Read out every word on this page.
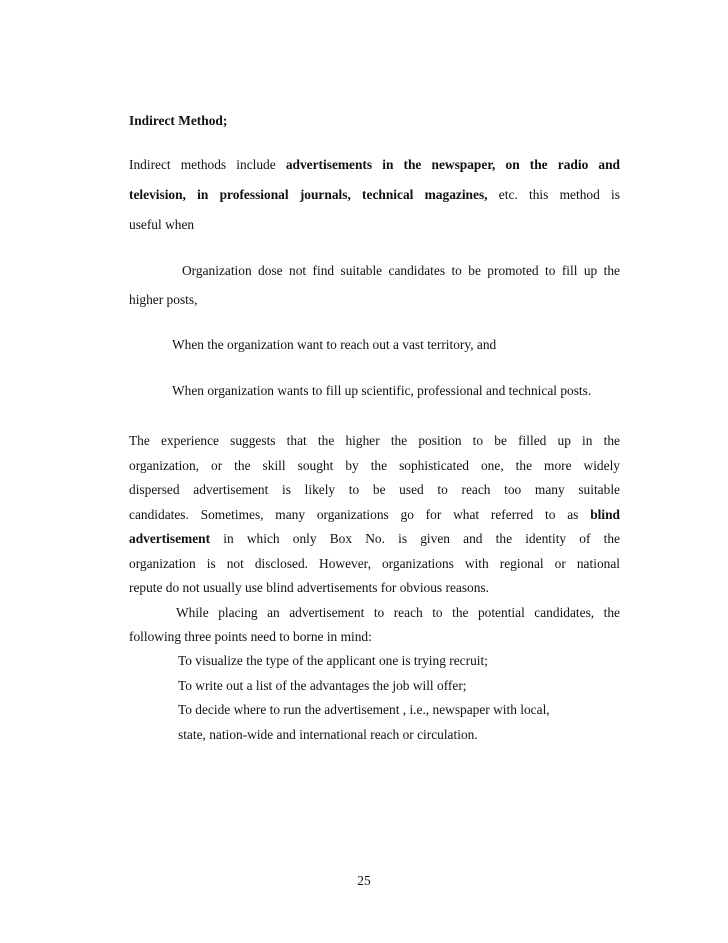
Indirect Method;
Indirect methods include advertisements in the newspaper, on the radio and
television, in professional journals, technical magazines, etc. this method is
useful when
Organization dose not find suitable candidates to be promoted to fill up the
higher posts,
When the organization want to reach out a vast territory, and
When organization wants to fill up scientific, professional and technical posts.
The experience suggests that the higher the position to be filled up in the
organization, or the skill sought by the sophisticated one, the more widely
dispersed advertisement is likely to be used to reach too many suitable
candidates. Sometimes, many organizations go for what referred to as blind
advertisement in which only Box No. is given and the identity of the
organization is not disclosed. However, organizations with regional or national
repute do not usually use blind advertisements for obvious reasons.
While placing an advertisement to reach to the potential candidates, the
following three points need to borne in mind:
To visualize the type of the applicant one is trying recruit;
To write out a list of the advantages the job will offer;
To decide where to run the advertisement , i.e., newspaper with local,
state, nation-wide and international reach or circulation.
25
